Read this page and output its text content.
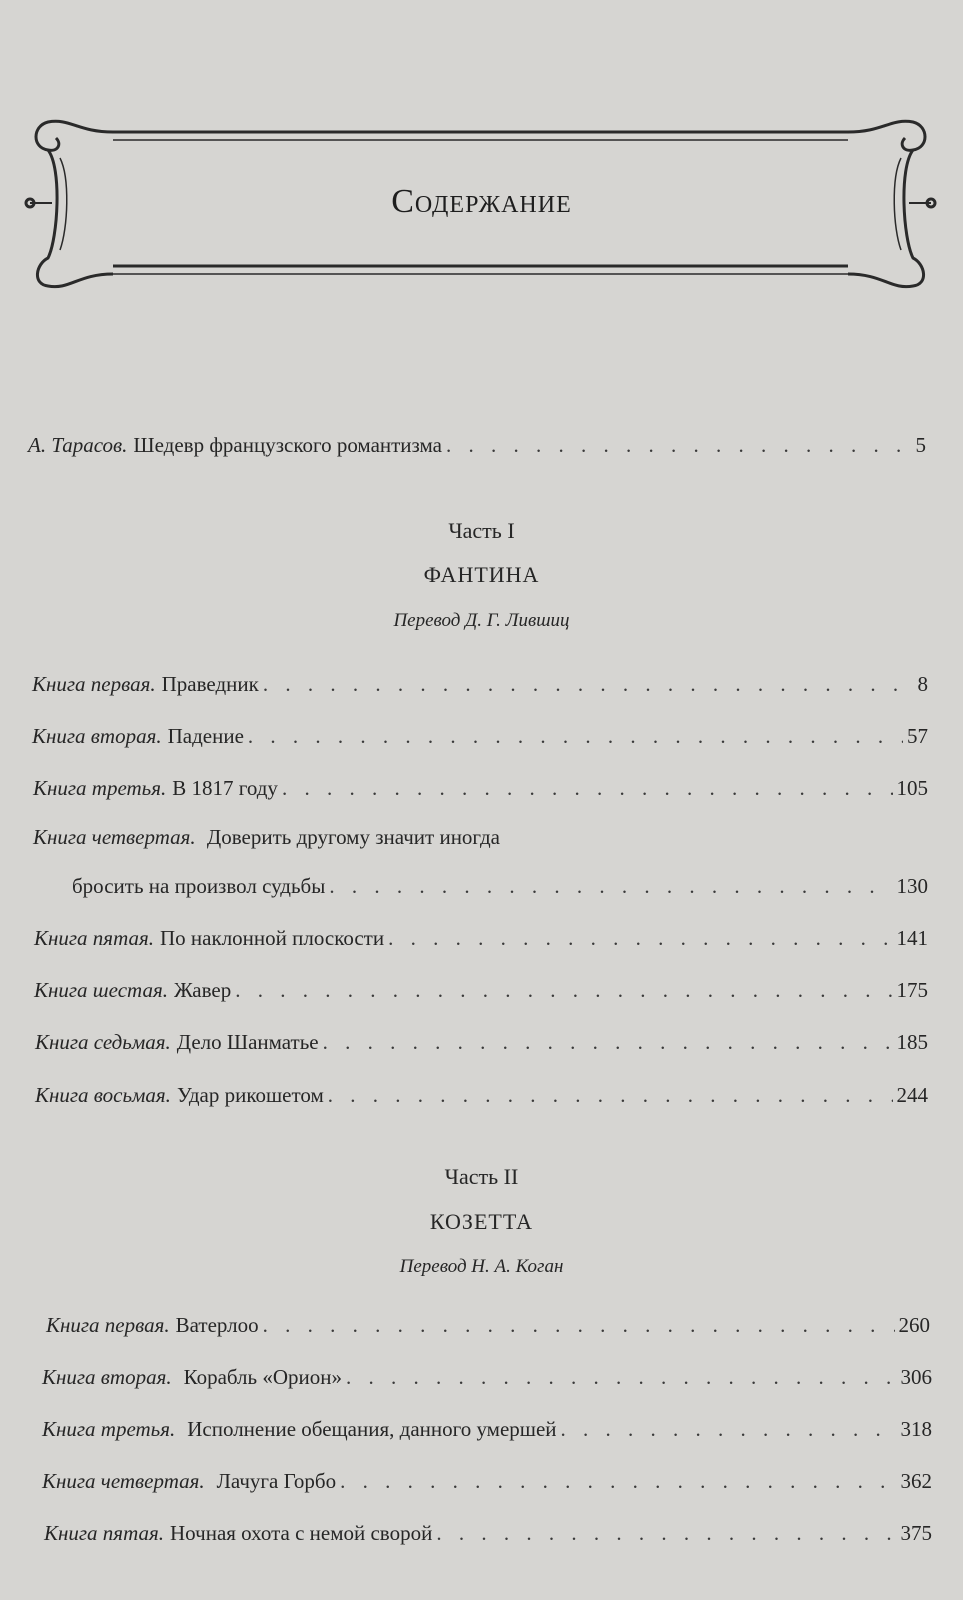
Содержание
А. Тарасов. Шедевр французского романтизма . . .	5
Часть I
ФАНТИНА
Перевод Д. Г. Лившиц
Книга первая. Праведник . . .	8
Книга вторая. Падение . . .	57
Книга третья. В 1817 году . . .	105
Книга четвертая. Доверить другому значит иногда
бросить на произвол судьбы . . .	130
Книга пятая. По наклонной плоскости . . .	141
Книга шестая. Жавер . . .	175
Книга седьмая. Дело Шанматье . . .	185
Книга восьмая. Удар рикошетом . . .	244
Часть II
КОЗЕТТА
Перевод Н. А. Коган
Книга первая. Ватерлоо . . .	260
Книга вторая. Корабль «Орион» . . .	306
Книга третья. Исполнение обещания, данного умершей . . .	318
Книга четвертая. Лачуга Горбо . . .	362
Книга пятая. Ночная охота с немой сворой . . .	375
